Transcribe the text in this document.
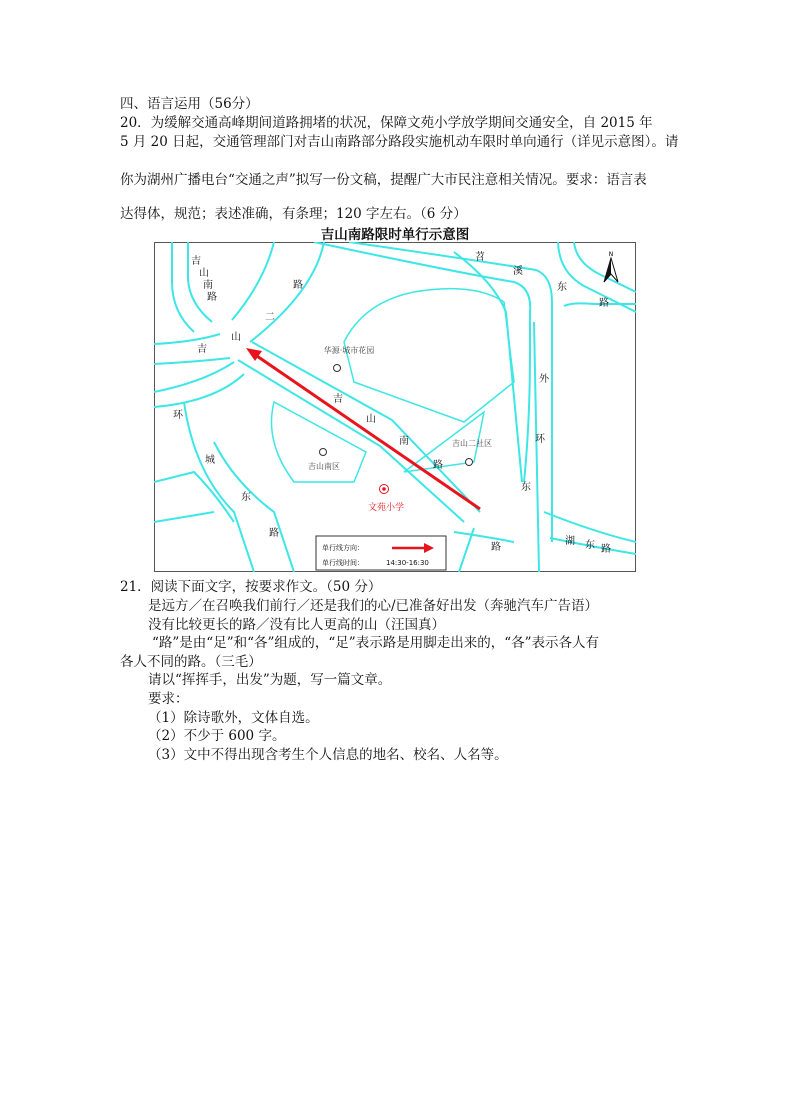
四、语言运用（56分）
20．为缓解交通高峰期间道路拥堵的状况，保障文苑小学放学期间交通安全，自 2015 年
5 月 20 日起，交通管理部门对吉山南路部分路段实施机动车限时单向通行（详见示意图）。请
你为湖州广播电台“交通之声”拟写一份文稿，提醒广大市民注意相关情况。要求：语言表
达得体，规范；表述准确，有条理；120 字左右。（6 分）
吉山南路限时单行示意图
华源·城市花园
吉山南区
吉山二社区
文苑小学
吉
山
南
路
路
二
山
吉
苕
溪
东
路
吉
山
南
路
环
城
东
路
外
环
东
路
湖 东 路
N
单行线方向：
单行线时间：	14:30-16:30
21．阅读下面文字，按要求作文。（50 分）
是远方／在召唤我们前行／还是我们的心/已准备好出发（奔驰汽车广告语）
没有比较更长的路／没有比人更高的山（汪国真）
“路”是由“足”和“各”组成的，“足”表示路是用脚走出来的，“各”表示各人有
各人不同的路。（三毛）
请以“挥挥手，出发”为题，写一篇文章。
要求：
（1）除诗歌外，文体自选。
（2）不少于 600 字。
（3）文中不得出现含考生个人信息的地名、校名、人名等。
